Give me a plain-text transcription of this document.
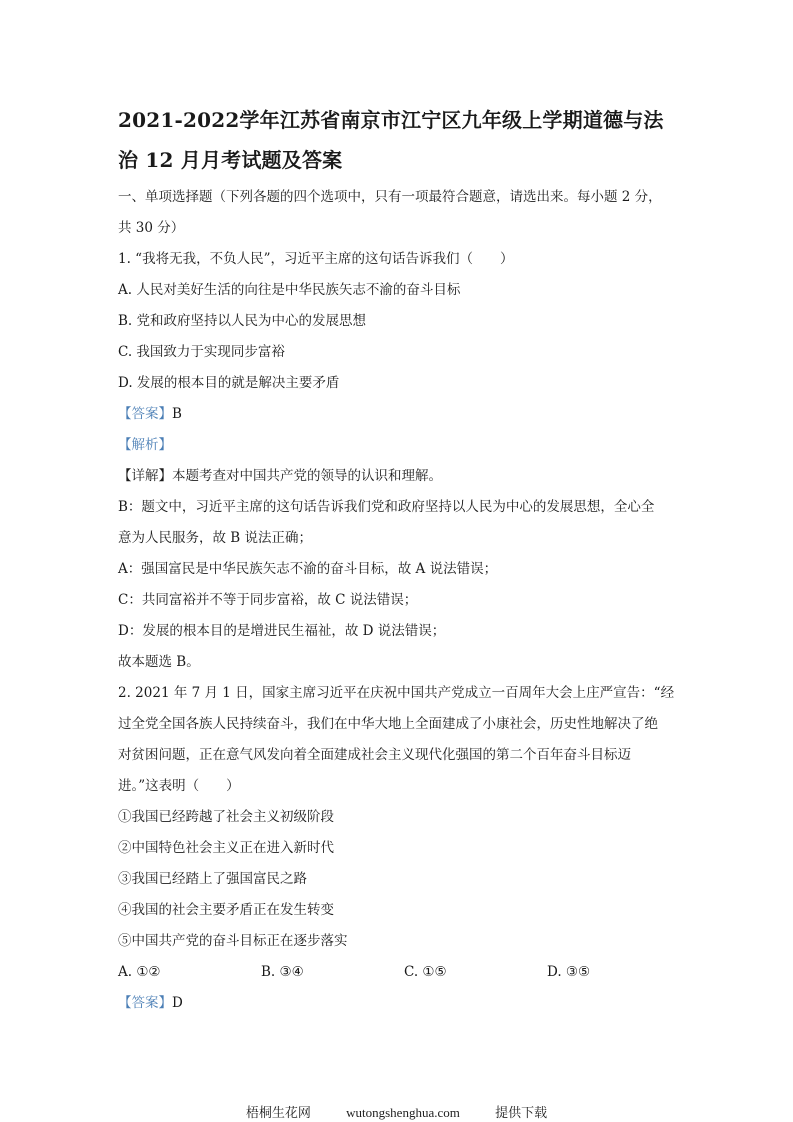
2021-2022学年江苏省南京市江宁区九年级上学期道德与法
治 12 月月考试题及答案

一、单项选择题（下列各题的四个选项中，只有一项最符合题意，请选出来。每小题 2 分，

共 30 分）

1. “我将无我，不负人民”，习近平主席的这句话告诉我们（　　）

A. 人民对美好生活的向往是中华民族矢志不渝的奋斗目标

B. 党和政府坚持以人民为中心的发展思想

C. 我国致力于实现同步富裕

D. 发展的根本目的就是解决主要矛盾

【答案】B

【解析】

【详解】本题考查对中国共产党的领导的认识和理解。

B：题文中，习近平主席的这句话告诉我们党和政府坚持以人民为中心的发展思想，全心全

意为人民服务，故 B 说法正确；

A：强国富民是中华民族矢志不渝的奋斗目标，故 A 说法错误；

C：共同富裕并不等于同步富裕，故 C 说法错误；

D：发展的根本目的是增进民生福祉，故 D 说法错误；

故本题选 B。

2. 2021 年 7 月 1 日，国家主席习近平在庆祝中国共产党成立一百周年大会上庄严宣告：“经

过全党全国各族人民持续奋斗，我们在中华大地上全面建成了小康社会，历史性地解决了绝

对贫困问题，正在意气风发向着全面建成社会主义现代化强国的第二个百年奋斗目标迈

进。”这表明（　　）

①我国已经跨越了社会主义初级阶段

②中国特色社会主义正在进入新时代

③我国已经踏上了强国富民之路

④我国的社会主要矛盾正在发生转变

⑤中国共产党的奋斗目标正在逐步落实

A. ①②	B. ③④	C. ①⑤	D. ③⑤

【答案】D

梧桐生花网	wutongshenghua.com	提供下载
